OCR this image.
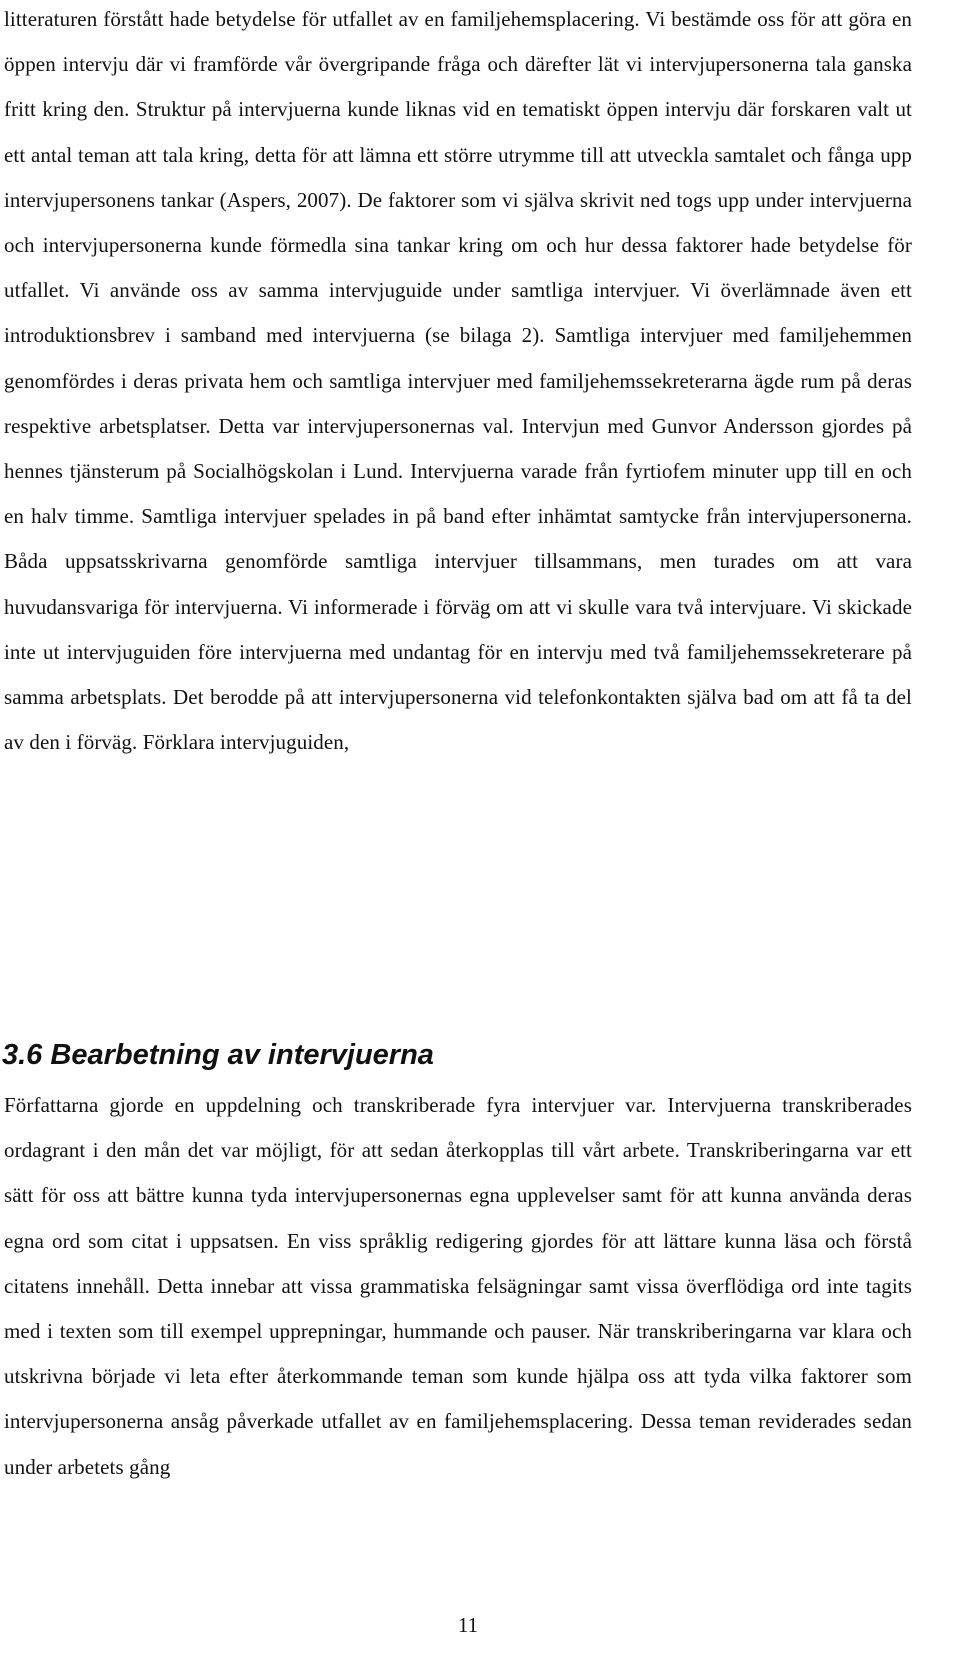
litteraturen förstått hade betydelse för utfallet av en familjehemsplacering. Vi bestämde oss för att göra en öppen intervju där vi framförde vår övergripande fråga och därefter lät vi intervjupersonerna tala ganska fritt kring den. Struktur på intervjuerna kunde liknas vid en tematiskt öppen intervju där forskaren valt ut ett antal teman att tala kring, detta för att lämna ett större utrymme till att utveckla samtalet och fånga upp intervjupersonens tankar (Aspers, 2007). De faktorer som vi själva skrivit ned togs upp under intervjuerna och intervjupersonerna kunde förmedla sina tankar kring om och hur dessa faktorer hade betydelse för utfallet. Vi använde oss av samma intervjuguide under samtliga intervjuer. Vi överlämnade även ett introduktionsbrev i samband med intervjuerna (se bilaga 2). Samtliga intervjuer med familjehemmen genomfördes i deras privata hem och samtliga intervjuer med familjehemssekreterarna ägde rum på deras respektive arbetsplatser. Detta var intervjupersonernas val. Intervjun med Gunvor Andersson gjordes på hennes tjänsterum på Socialhögskolan i Lund. Intervjuerna varade från fyrtiofem minuter upp till en och en halv timme. Samtliga intervjuer spelades in på band efter inhämtat samtycke från intervjupersonerna. Båda uppsatsskrivarna genomförde samtliga intervjuer tillsammans, men turades om att vara huvudansvariga för intervjuerna. Vi informerade i förväg om att vi skulle vara två intervjuare. Vi skickade inte ut intervjuguiden före intervjuerna med undantag för en intervju med två familjehemssekreterare på samma arbetsplats. Det berodde på att intervjupersonerna vid telefonkontakten själva bad om att få ta del av den i förväg. Förklara intervjuguiden,

3.6 Bearbetning av intervjuerna

Författarna gjorde en uppdelning och transkriberade fyra intervjuer var. Intervjuerna transkriberades ordagrant i den mån det var möjligt, för att sedan återkopplas till vårt arbete. Transkriberingarna var ett sätt för oss att bättre kunna tyda intervjupersonernas egna upplevelser samt för att kunna använda deras egna ord som citat i uppsatsen. En viss språklig redigering gjordes för att lättare kunna läsa och förstå citatens innehåll. Detta innebar att vissa grammatiska felsägningar samt vissa överflödiga ord inte tagits med i texten som till exempel upprepningar, hummande och pauser. När transkriberingarna var klara och utskrivna började vi leta efter återkommande teman som kunde hjälpa oss att tyda vilka faktorer som intervjupersonerna ansåg påverkade utfallet av en familjehemsplacering. Dessa teman reviderades sedan under arbetets gång

11
